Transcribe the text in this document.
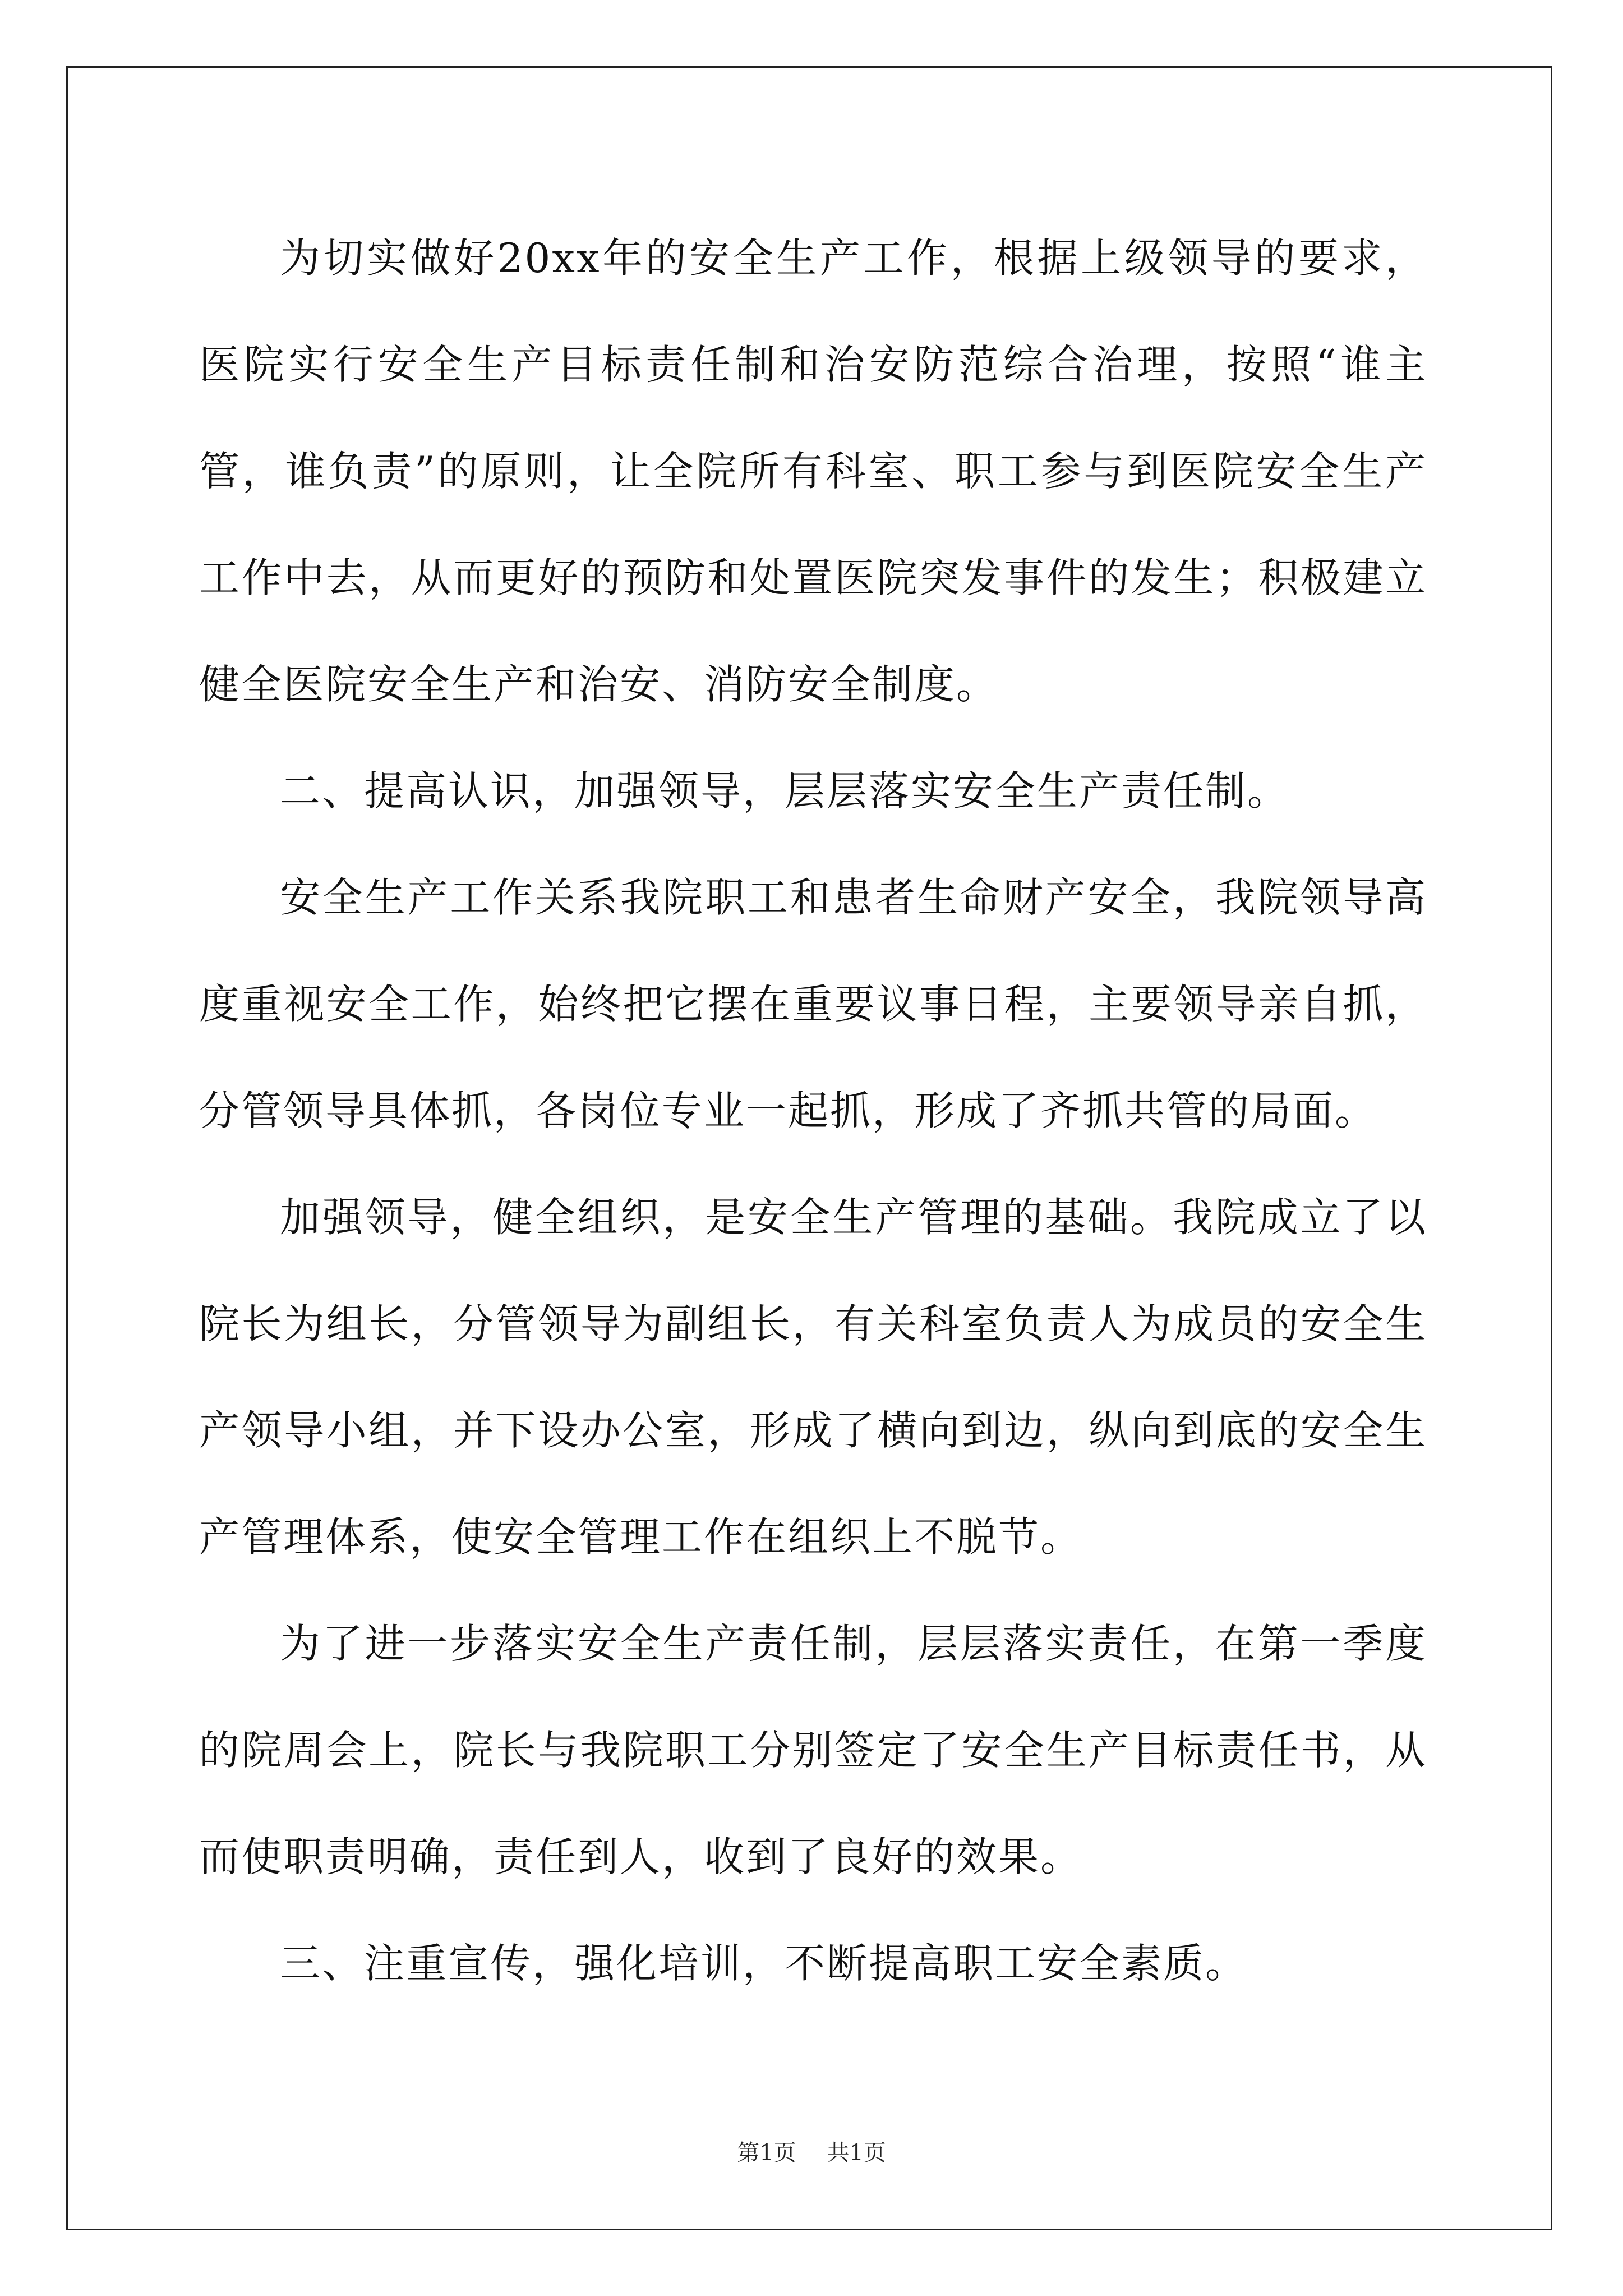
为切实做好20xx年的安全生产工作，根据上级领导的要求，医院实行安全生产目标责任制和治安防范综合治理，按照“谁主管，谁负责”的原则，让全院所有科室、职工参与到医院安全生产工作中去，从而更好的预防和处置医院突发事件的发生；积极建立健全医院安全生产和治安、消防安全制度。

二、提高认识，加强领导，层层落实安全生产责任制。

安全生产工作关系我院职工和患者生命财产安全，我院领导高度重视安全工作，始终把它摆在重要议事日程，主要领导亲自抓，分管领导具体抓，各岗位专业一起抓，形成了齐抓共管的局面。

加强领导，健全组织，是安全生产管理的基础。我院成立了以院长为组长，分管领导为副组长，有关科室负责人为成员的安全生产领导小组，并下设办公室，形成了横向到边，纵向到底的安全生产管理体系，使安全管理工作在组织上不脱节。

为了进一步落实安全生产责任制，层层落实责任，在第一季度的院周会上，院长与我院职工分别签定了安全生产目标责任书，从而使职责明确，责任到人，收到了良好的效果。

三、注重宣传，强化培训，不断提高职工安全素质。

第1页 共1页
